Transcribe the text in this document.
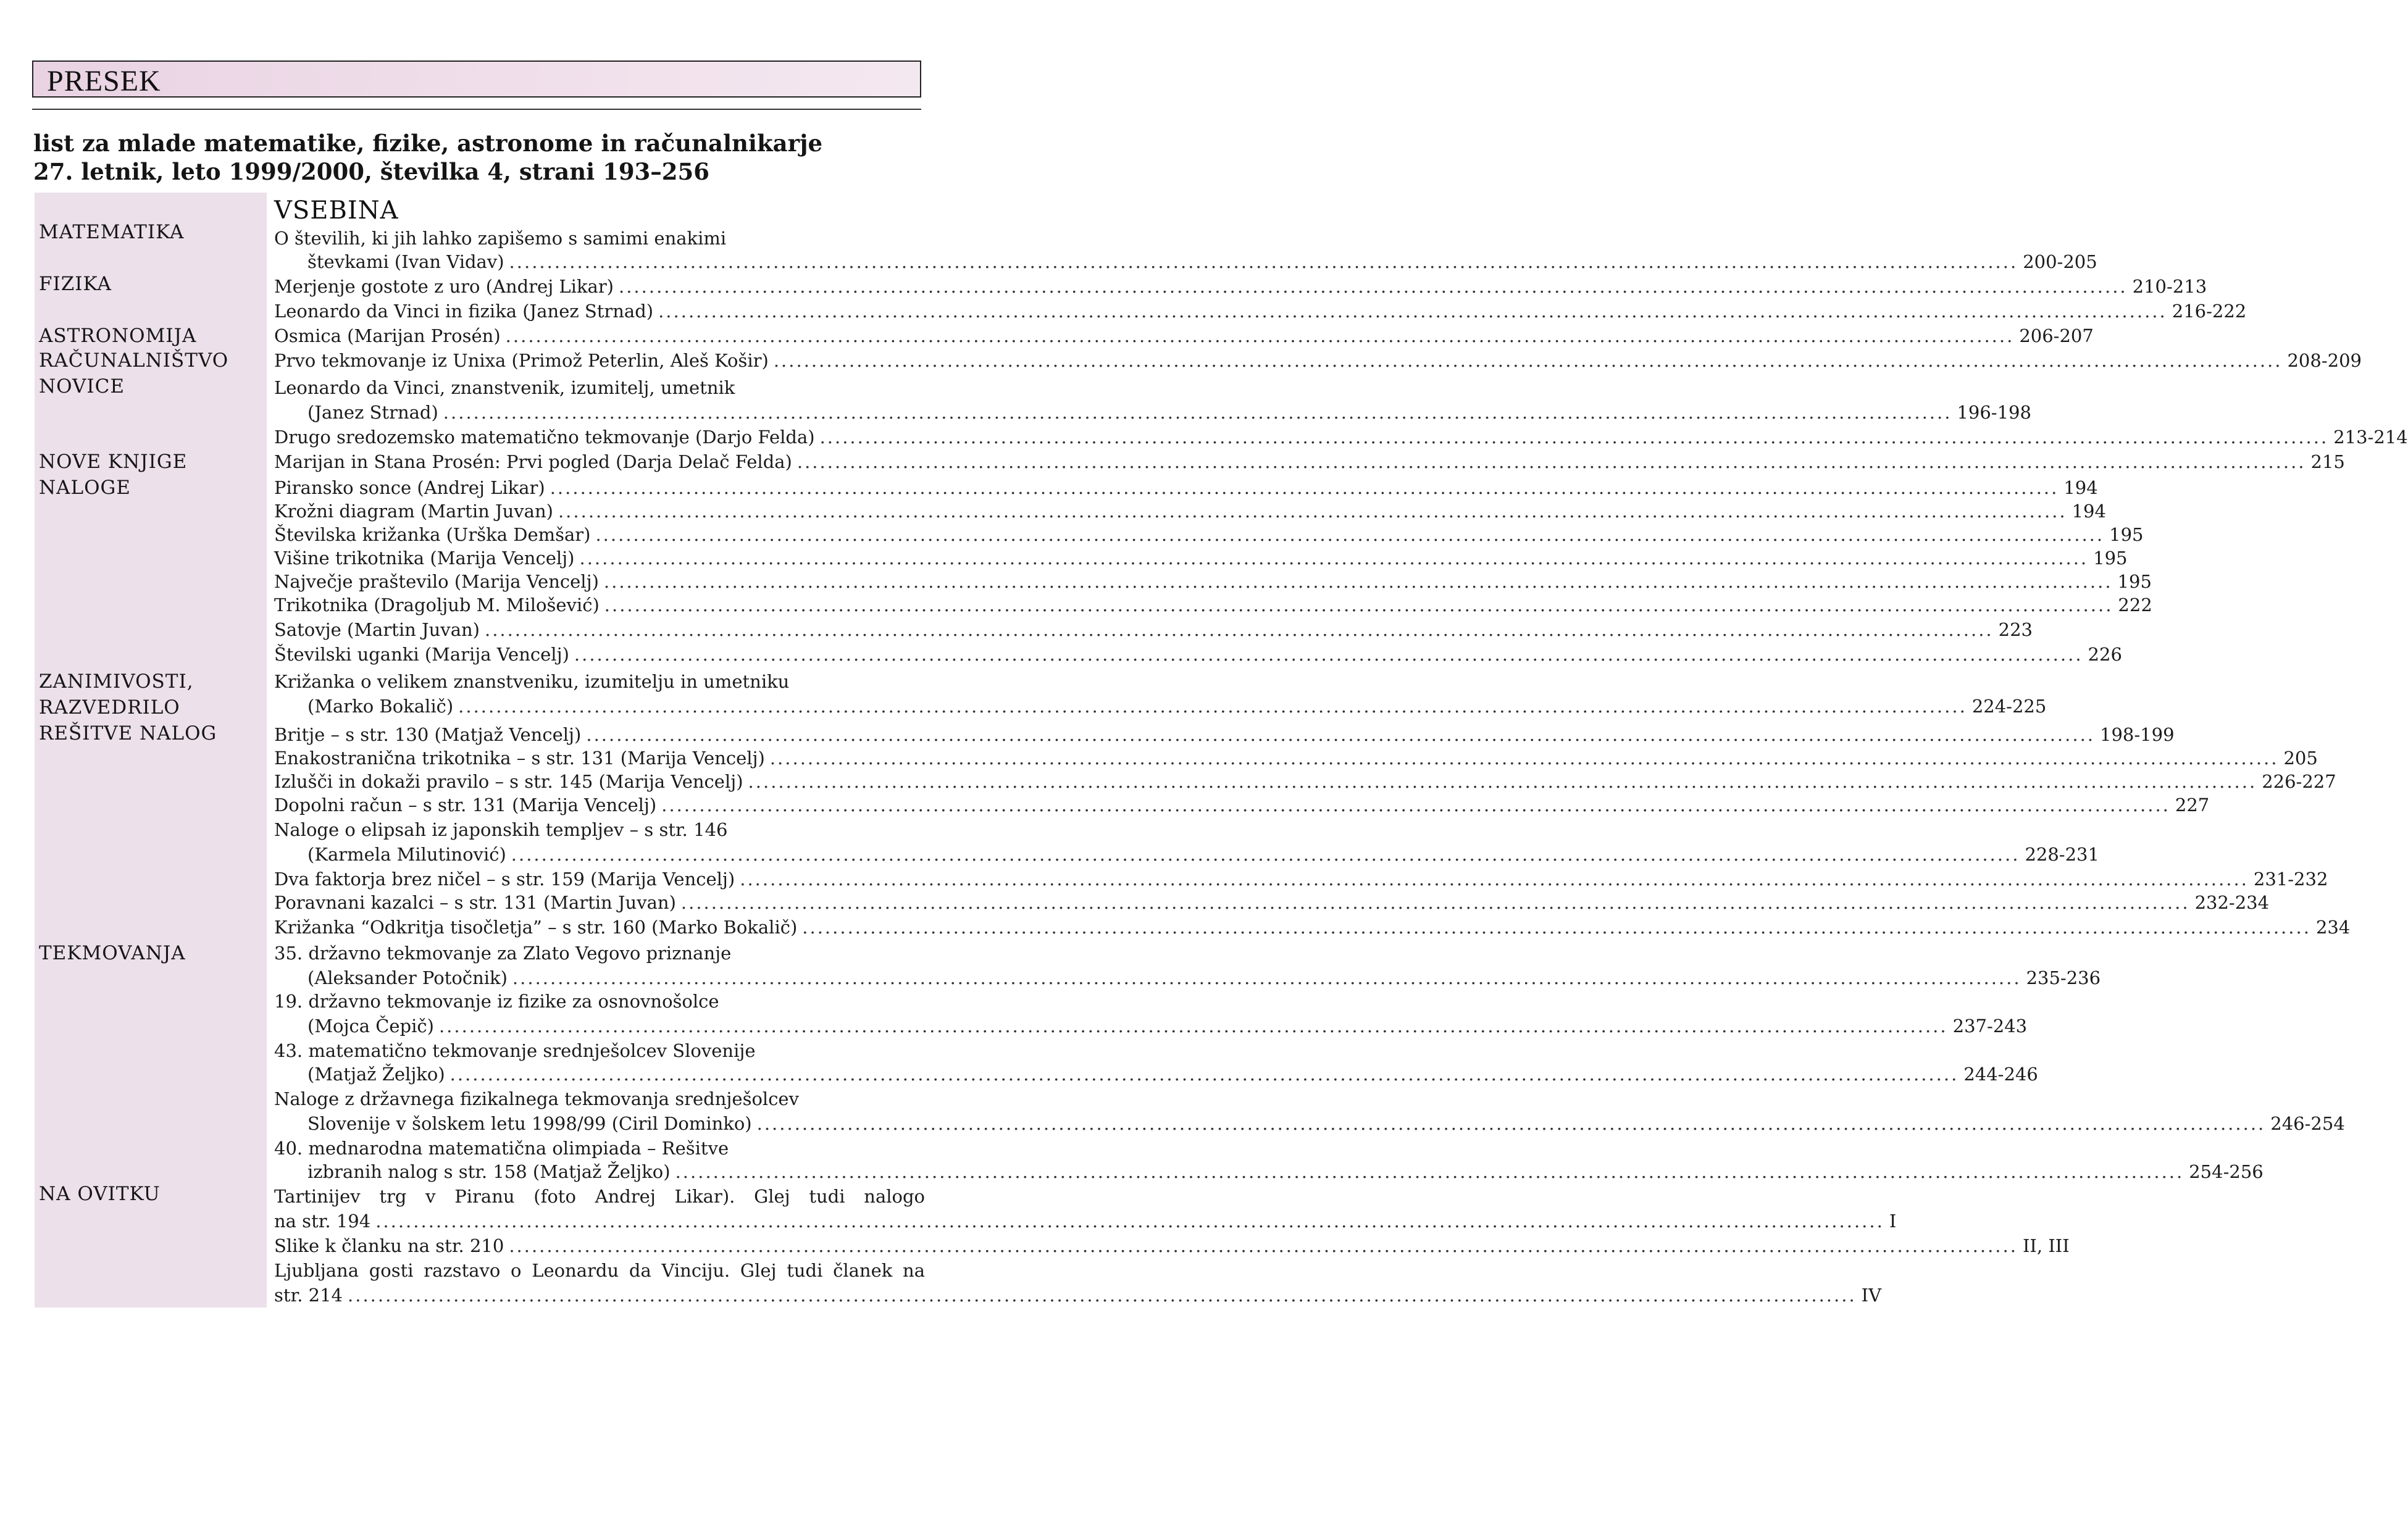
PRESEK
list za mlade matematike, fizike, astronome in računalnikarje
27. letnik, leto 1999/2000, številka 4, strani 193–256
MATEMATIKA
FIZIKA
ASTRONOMIJA
RAČUNALNIŠTVO
NOVICE
NOVE KNJIGE
NALOGE
ZANIMIVOSTI,
RAZVEDRILO
REŠITVE NALOG
TEKMOVANJA
NA OVITKU
VSEBINA
O številih, ki jih lahko zapišemo s samimi enakimi
števkami (Ivan Vidav) ........................................................................................................................................................................................................ 200-205
Merjenje gostote z uro (Andrej Likar) ........................................................................................................................................................................................................ 210-213
Leonardo da Vinci in fizika (Janez Strnad) ........................................................................................................................................................................................................ 216-222
Osmica (Marijan Prosén) ........................................................................................................................................................................................................ 206-207
Prvo tekmovanje iz Unixa (Primož Peterlin, Aleš Košir) ........................................................................................................................................................................................................ 208-209
Leonardo da Vinci, znanstvenik, izumitelj, umetnik
(Janez Strnad) ........................................................................................................................................................................................................ 196-198
Drugo sredozemsko matematično tekmovanje (Darjo Felda) ........................................................................................................................................................................................................ 213-214
Marijan in Stana Prosén: Prvi pogled (Darja Delač Felda) ........................................................................................................................................................................................................ 215
Piransko sonce (Andrej Likar) ........................................................................................................................................................................................................ 194
Krožni diagram (Martin Juvan) ........................................................................................................................................................................................................ 194
Številska križanka (Urška Demšar) ........................................................................................................................................................................................................ 195
Višine trikotnika (Marija Vencelj) ........................................................................................................................................................................................................ 195
Največje praštevilo (Marija Vencelj) ........................................................................................................................................................................................................ 195
Trikotnika (Dragoljub M. Milošević) ........................................................................................................................................................................................................ 222
Satovje (Martin Juvan) ........................................................................................................................................................................................................ 223
Številski uganki (Marija Vencelj) ........................................................................................................................................................................................................ 226
Križanka o velikem znanstveniku, izumitelju in umetniku
(Marko Bokalič) ........................................................................................................................................................................................................ 224-225
Britje – s str. 130 (Matjaž Vencelj) ........................................................................................................................................................................................................ 198-199
Enakostranična trikotnika – s str. 131 (Marija Vencelj) ........................................................................................................................................................................................................ 205
Izlušči in dokaži pravilo – s str. 145 (Marija Vencelj) ........................................................................................................................................................................................................ 226-227
Dopolni račun – s str. 131 (Marija Vencelj) ........................................................................................................................................................................................................ 227
Naloge o elipsah iz japonskih templjev – s str. 146
(Karmela Milutinović) ........................................................................................................................................................................................................ 228-231
Dva faktorja brez ničel – s str. 159 (Marija Vencelj) ........................................................................................................................................................................................................ 231-232
Poravnani kazalci – s str. 131 (Martin Juvan) ........................................................................................................................................................................................................ 232-234
Križanka “Odkritja tisočletja” – s str. 160 (Marko Bokalič) ........................................................................................................................................................................................................ 234
35. državno tekmovanje za Zlato Vegovo priznanje
(Aleksander Potočnik) ........................................................................................................................................................................................................ 235-236
19. državno tekmovanje iz fizike za osnovnošolce
(Mojca Čepič) ........................................................................................................................................................................................................ 237-243
43. matematično tekmovanje srednješolcev Slovenije
(Matjaž Željko) ........................................................................................................................................................................................................ 244-246
Naloge z državnega fizikalnega tekmovanja srednješolcev
Slovenije v šolskem letu 1998/99 (Ciril Dominko) ........................................................................................................................................................................................................ 246-254
40. mednarodna matematična olimpiada – Rešitve
izbranih nalog s str. 158 (Matjaž Željko) ........................................................................................................................................................................................................ 254-256
Tartinijev trg v Piranu (foto Andrej Likar). Glej tudi nalogo
na str. 194 ........................................................................................................................................................................................................ I
Slike k članku na str. 210 ........................................................................................................................................................................................................ II, III
Ljubljana gosti razstavo o Leonardu da Vinciju. Glej tudi članek na
str. 214 ........................................................................................................................................................................................................ IV
